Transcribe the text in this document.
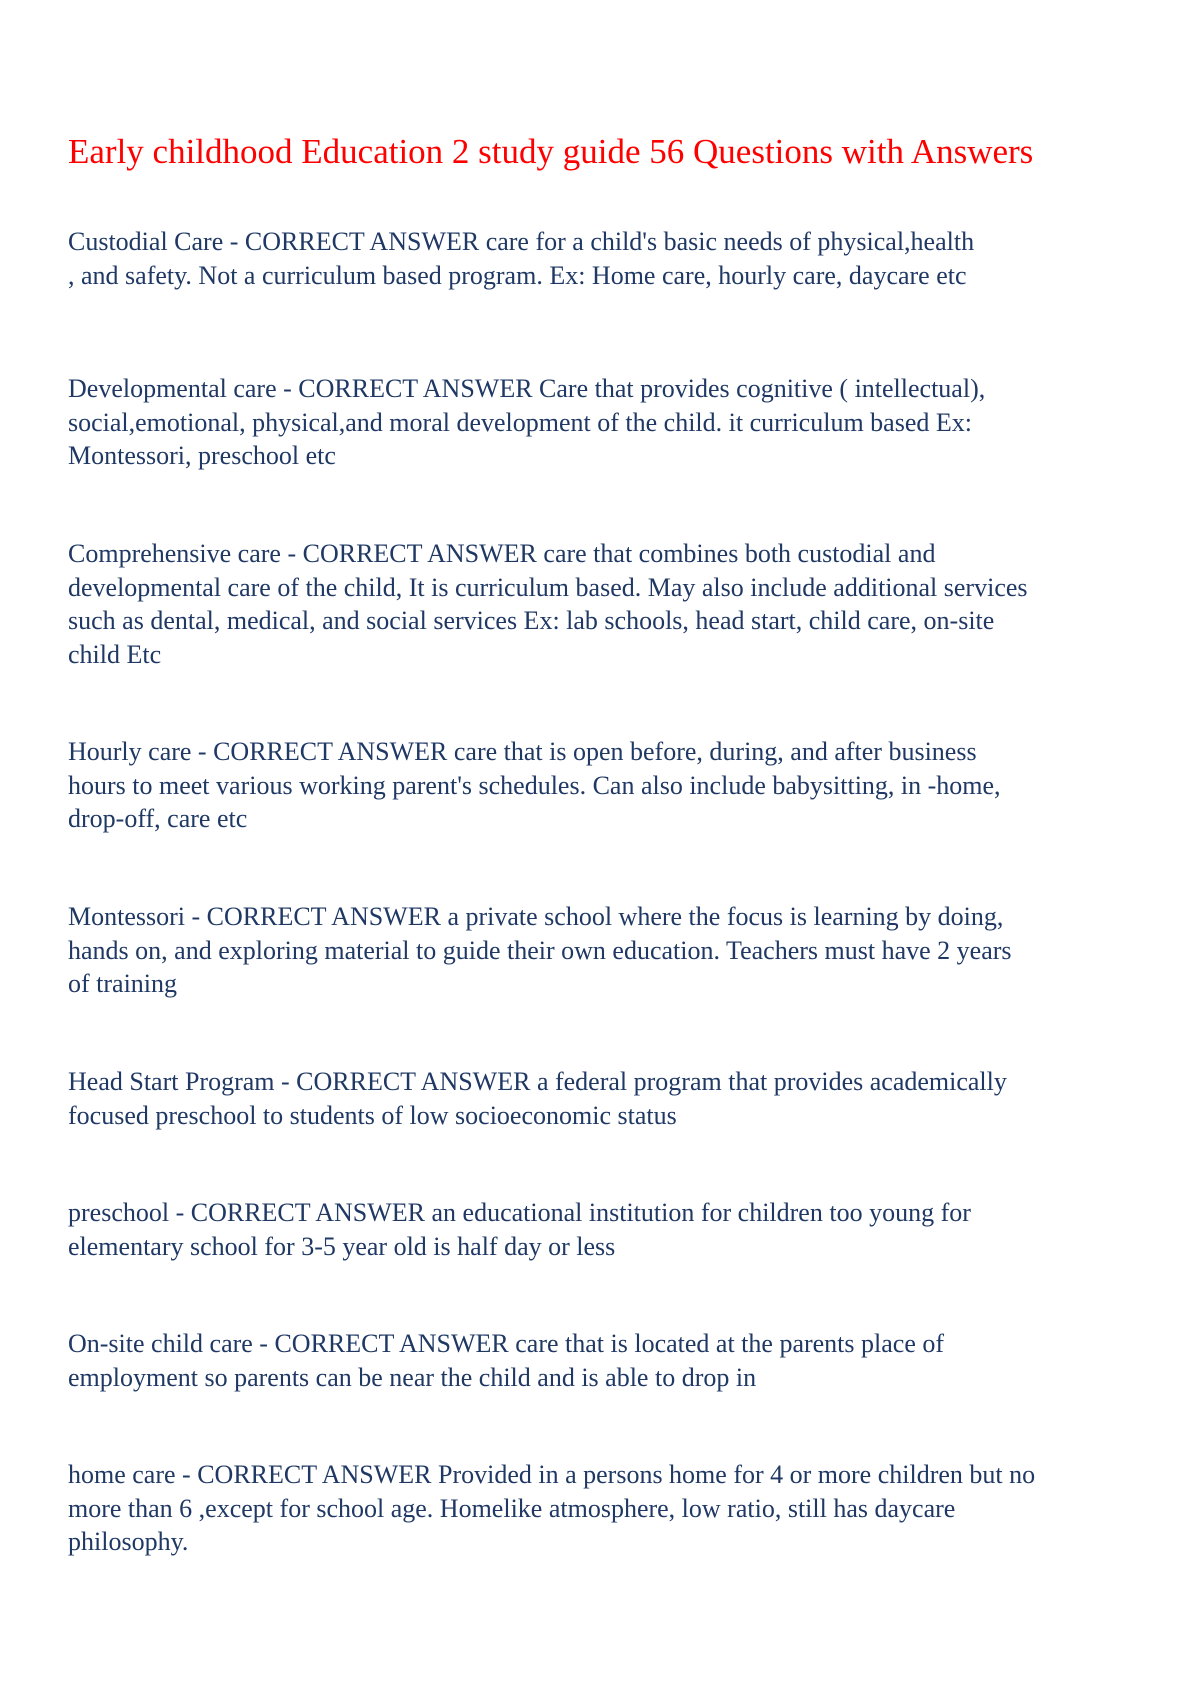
Early childhood Education 2 study guide 56 Questions with Answers
Custodial Care - CORRECT ANSWER care for a child's basic needs of physical,health
, and safety. Not a curriculum based program. Ex: Home care, hourly care, daycare etc
Developmental care - CORRECT ANSWER Care that provides cognitive ( intellectual),
social,emotional, physical,and moral development of the child. it curriculum based Ex:
Montessori, preschool etc
Comprehensive care - CORRECT ANSWER care that combines both custodial and
developmental care of the child, It is curriculum based. May also include additional services
such as dental, medical, and social services Ex: lab schools, head start, child care, on-site
child Etc
Hourly care - CORRECT ANSWER care that is open before, during, and after business
hours to meet various working parent's schedules. Can also include babysitting, in -home,
drop-off, care etc
Montessori - CORRECT ANSWER a private school where the focus is learning by doing,
hands on, and exploring material to guide their own education. Teachers must have 2 years
of training
Head Start Program - CORRECT ANSWER a federal program that provides academically
focused preschool to students of low socioeconomic status
preschool - CORRECT ANSWER an educational institution for children too young for
elementary school for 3-5 year old is half day or less
On-site child care - CORRECT ANSWER care that is located at the parents place of
employment so parents can be near the child and is able to drop in
home care - CORRECT ANSWER Provided in a persons home for 4 or more children but no
more than 6 ,except for school age. Homelike atmosphere, low ratio, still has daycare
philosophy.
